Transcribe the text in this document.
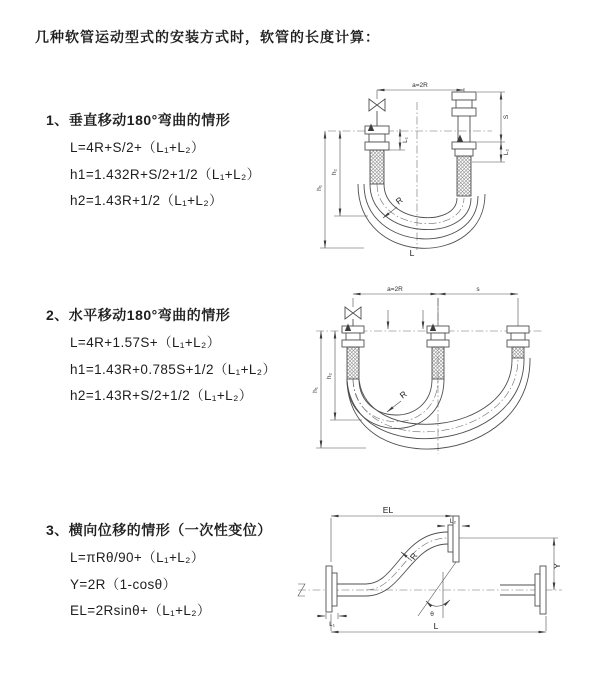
几种软管运动型式的安装方式时，软管的长度计算：
1、垂直移动180°弯曲的情形
L=4R+S/2+（L₁+L₂）
h1=1.432R+S/2+1/2（L₁+L₂）
h2=1.43R+1/2（L₁+L₂）
a=2R
S
L₂
h₁
h₂
L₁
R
L
2、水平移动180°弯曲的情形
L=4R+1.57S+（L₁+L₂）
h1=1.43R+0.785S+1/2（L₁+L₂）
h2=1.43R+S/2+1/2（L₁+L₂）
a=2R	s
h₁
h₂
R
3、横向位移的情形（一次性变位）
L=πRθ/90+（L₁+L₂）
Y=2R（1-cosθ）
EL=2Rsinθ+（L₁+L₂）	θ
EL
L₂
Y
L
L₁
R
